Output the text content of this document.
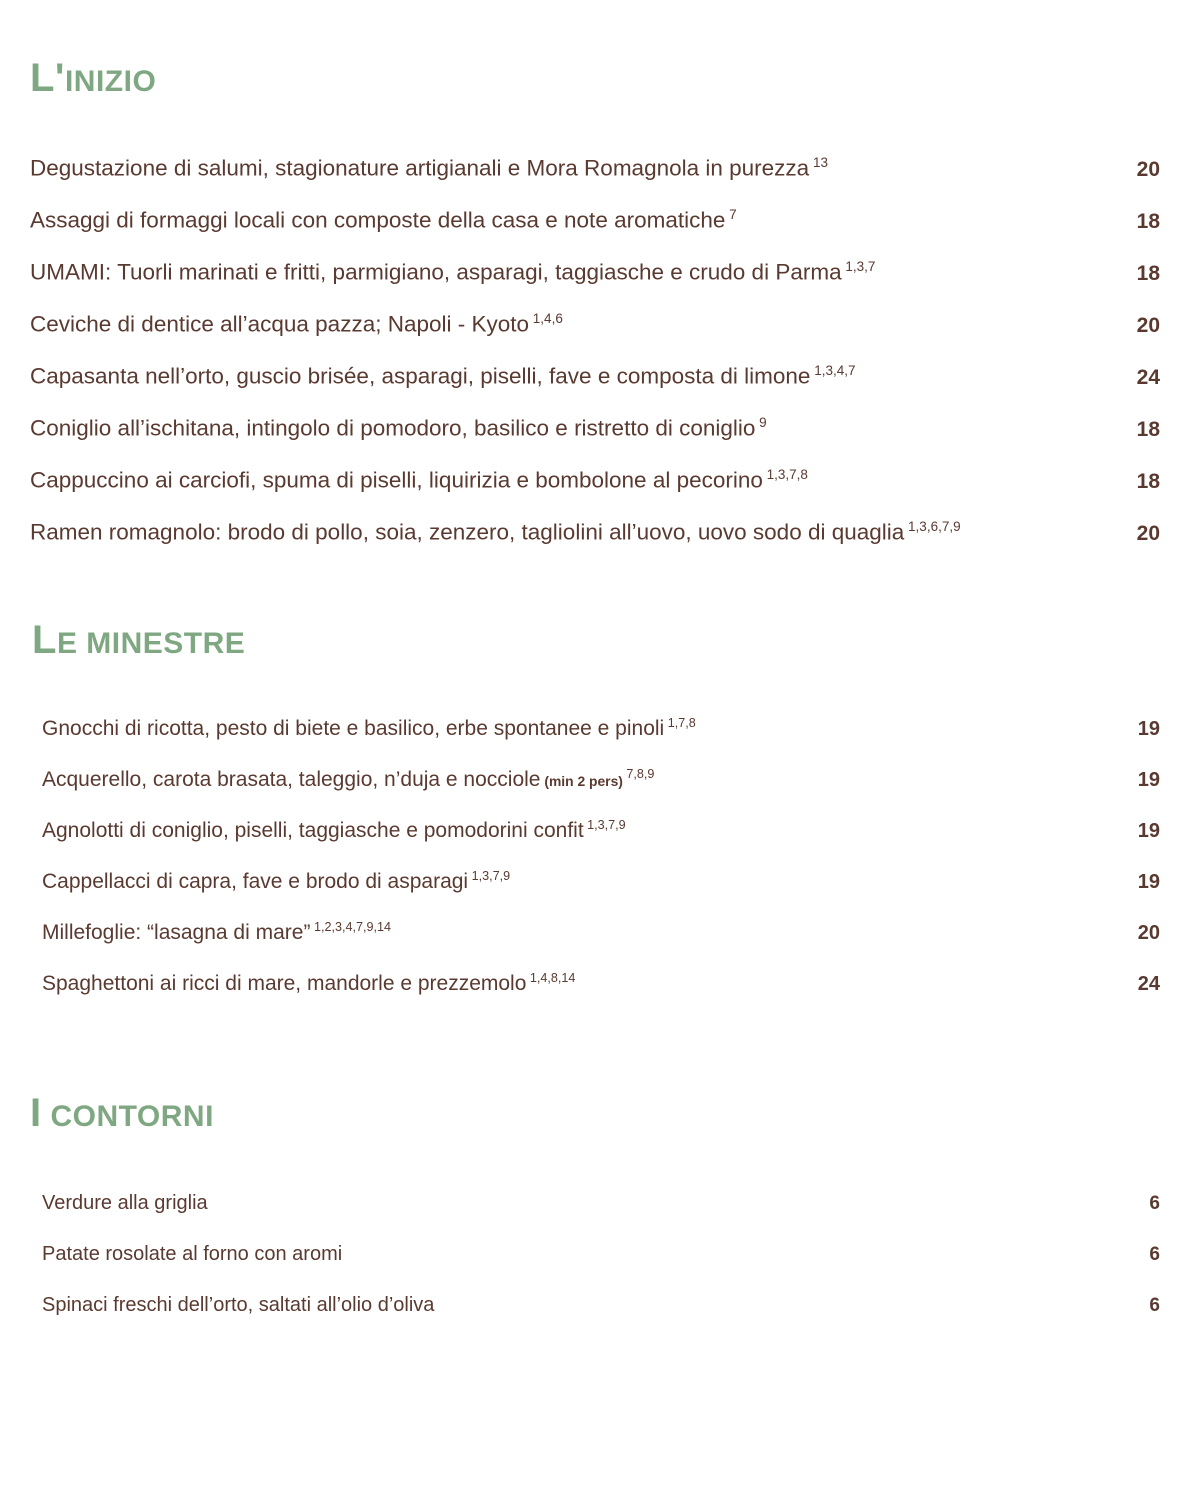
L'INIZIO
Degustazione di salumi, stagionature artigianali e Mora Romagnola in purezza $^{13}$	20
Assaggi di formaggi locali con composte della casa e note aromatiche $^7$	18
UMAMI: Tuorli marinati e fritti, parmigiano, asparagi, taggiasche e crudo di Parma $^{1,3,7}$	18
Ceviche di dentice all’acqua pazza; Napoli - Kyoto $^{1,4,6}$	20
Capasanta nell’orto, guscio brisée, asparagi, piselli, fave e composta di limone $^{1,3,4,7}$	24
Coniglio all’ischitana, intingolo di pomodoro, basilico e ristretto di coniglio $^9$	18
Cappuccino ai carciofi, spuma di piselli, liquirizia e bombolone al pecorino $^{1,3,7,8}$	18
Ramen romagnolo: brodo di pollo, soia, zenzero, tagliolini all’uovo, uovo sodo di quaglia $^{1,3,6,7,9}$	20
LE MINESTRE
Gnocchi di ricotta, pesto di biete e basilico, erbe spontanee e pinoli $^{1,7,8}$	19
Acquerello, carota brasata, taleggio, n’duja e nocciole (min 2 pers) $^{7,8,9}$	19
Agnolotti di coniglio, piselli, taggiasche e pomodorini confit $^{1,3,7,9}$	19
Cappellacci di capra, fave e brodo di asparagi $^{1,3,7,9}$	19
Millefoglie: “lasagna di mare” $^{1,2,3,4,7,9,14}$	20
Spaghettoni ai ricci di mare, mandorle e prezzemolo $^{1,4,8,14}$	24
I CONTORNI
Verdure alla griglia	6
Patate rosolate al forno con aromi	6
Spinaci freschi dell’orto, saltati all’olio d’oliva	6
